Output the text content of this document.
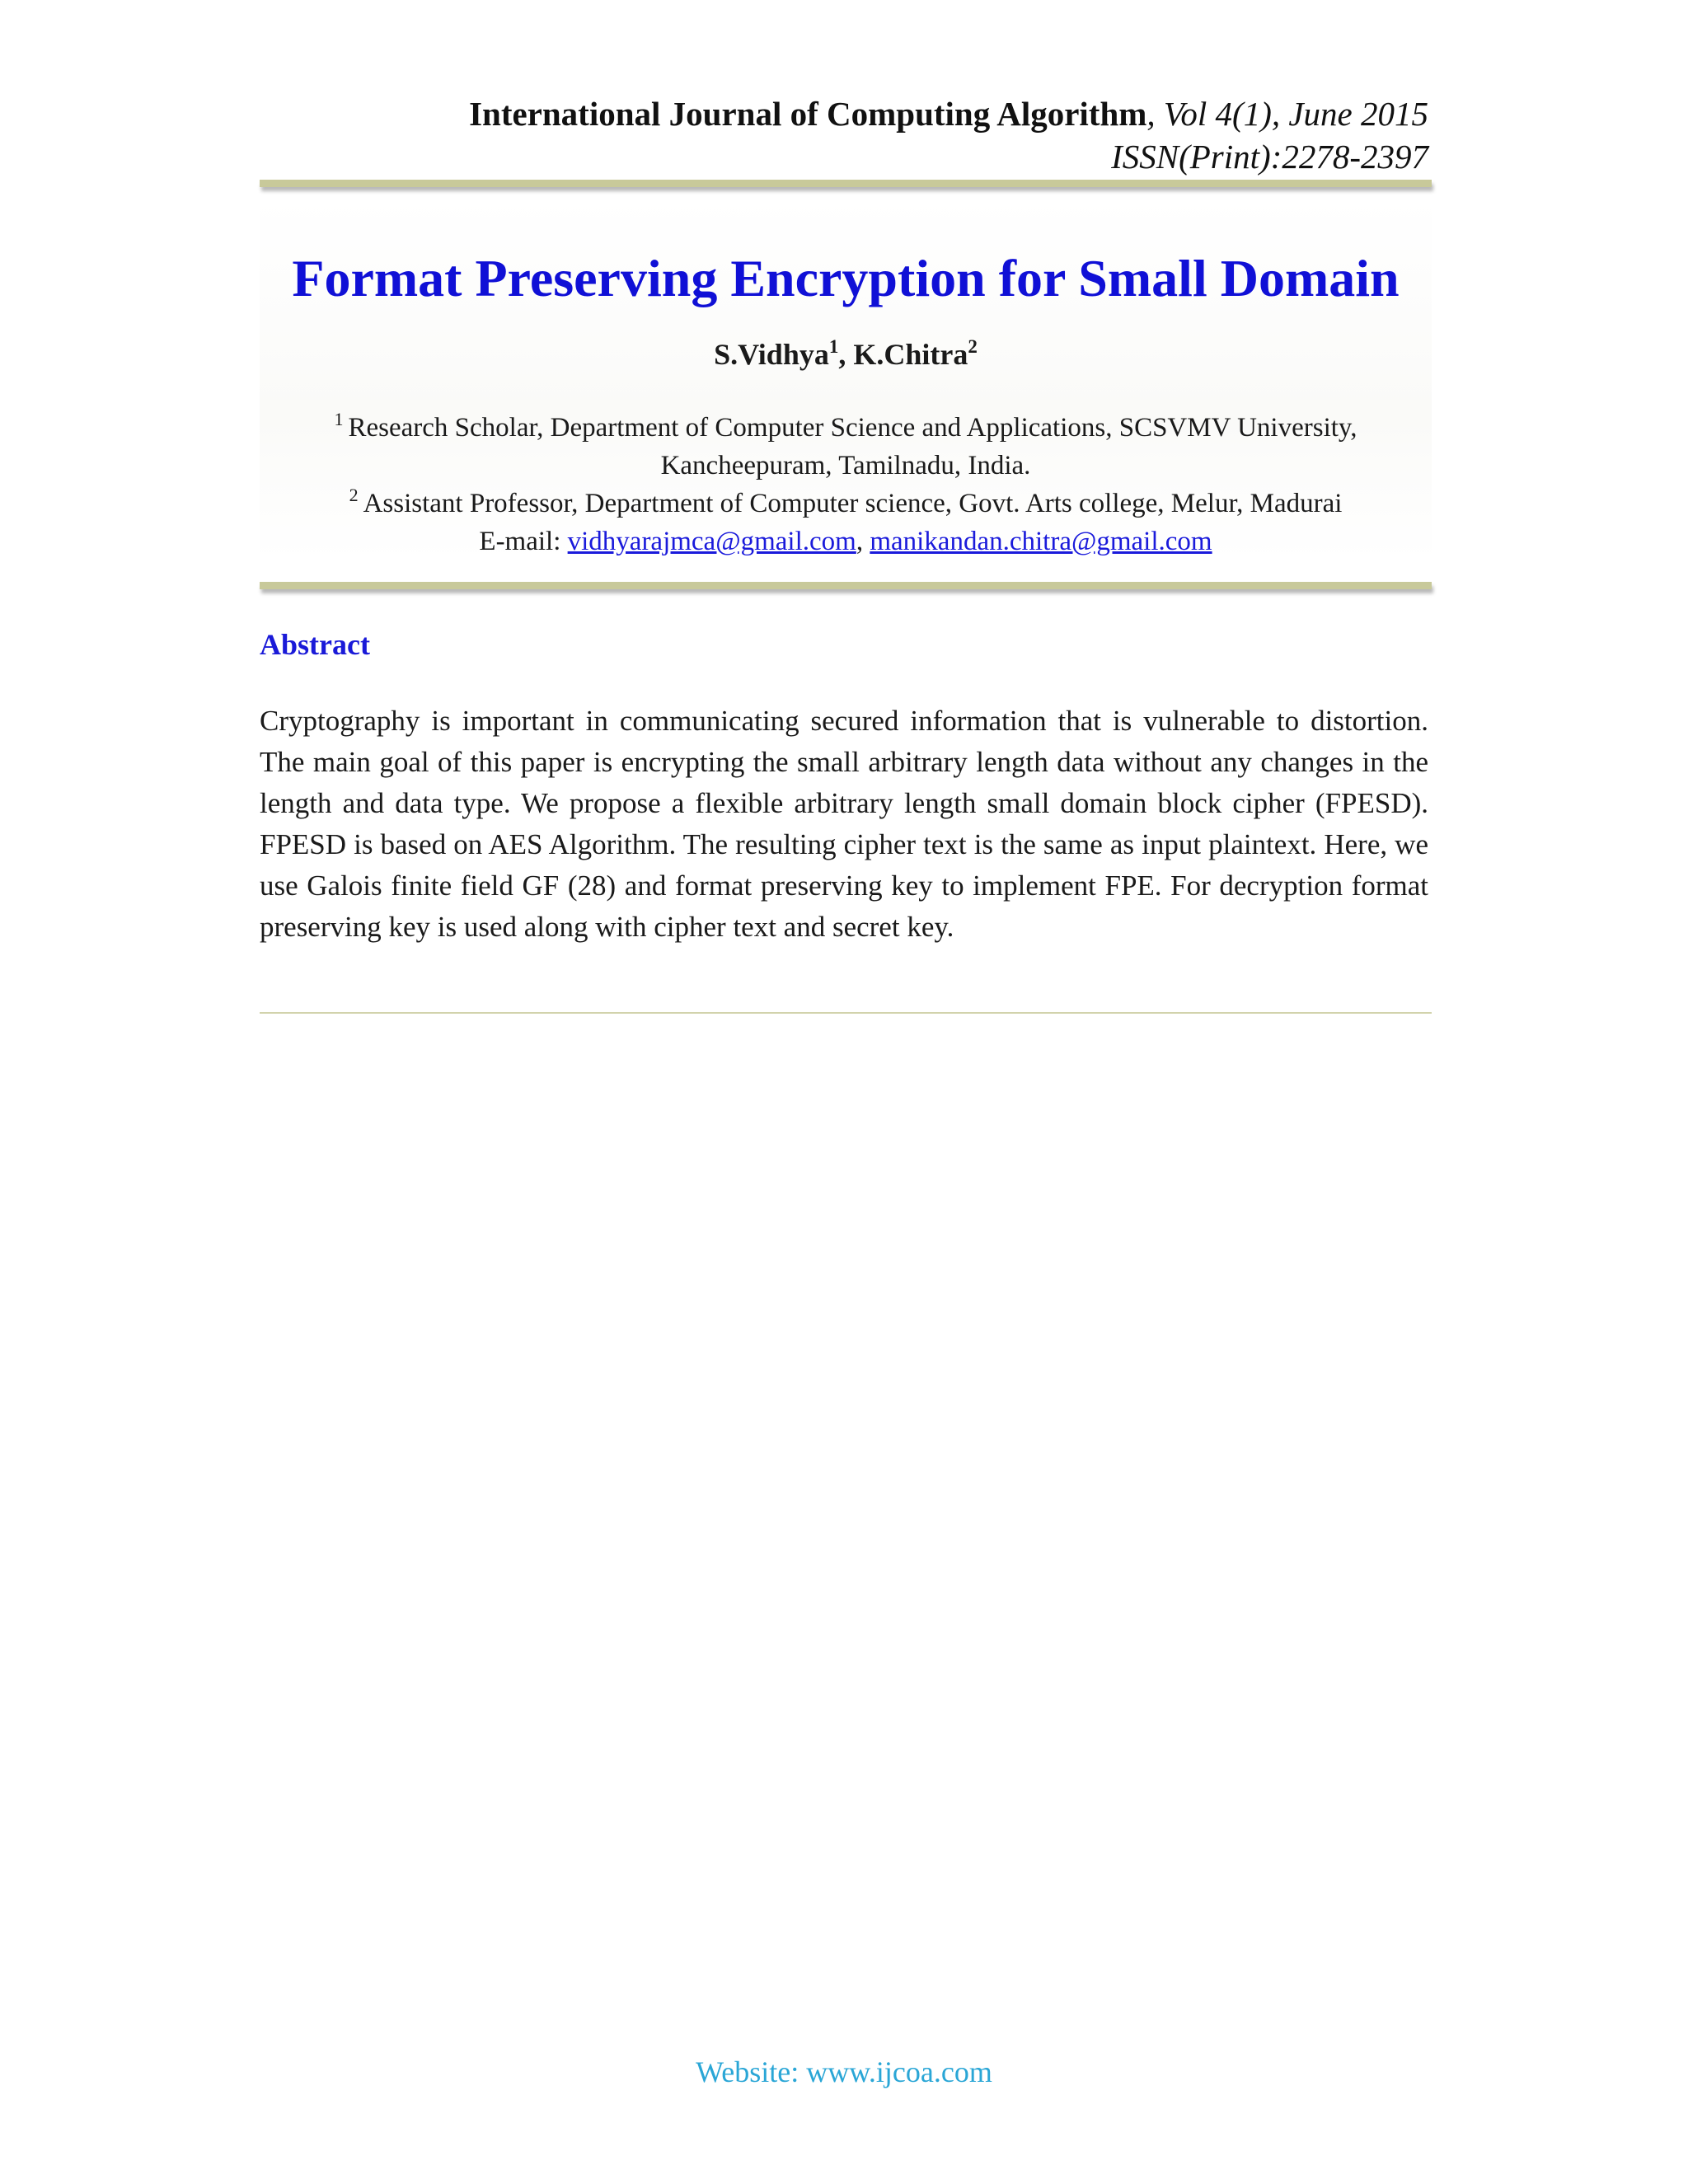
International Journal of Computing Algorithm, Vol 4(1), June 2015
ISSN(Print):2278-2397
Format Preserving Encryption for Small Domain
S.Vidhya$^1$, K.Chitra$^2$
$^1$ Research Scholar, Department of Computer Science and Applications, SCSVMV University,
Kancheepuram, Tamilnadu, India.
$^2$ Assistant Professor, Department of Computer science, Govt. Arts college, Melur, Madurai
E-mail: vidhyarajmca@gmail.com, manikandan.chitra@gmail.com
Abstract
Cryptography is important in communicating secured information that is vulnerable to distortion. The main goal of this paper is encrypting the small arbitrary length data without any changes in the length and data type. We propose a flexible arbitrary length small domain block cipher (FPESD). FPESD is based on AES Algorithm. The resulting cipher text is the same as input plaintext. Here, we use Galois finite field GF (28) and format preserving key to implement FPE. For decryption format preserving key is used along with cipher text and secret key.
Website: www.ijcoa.com
